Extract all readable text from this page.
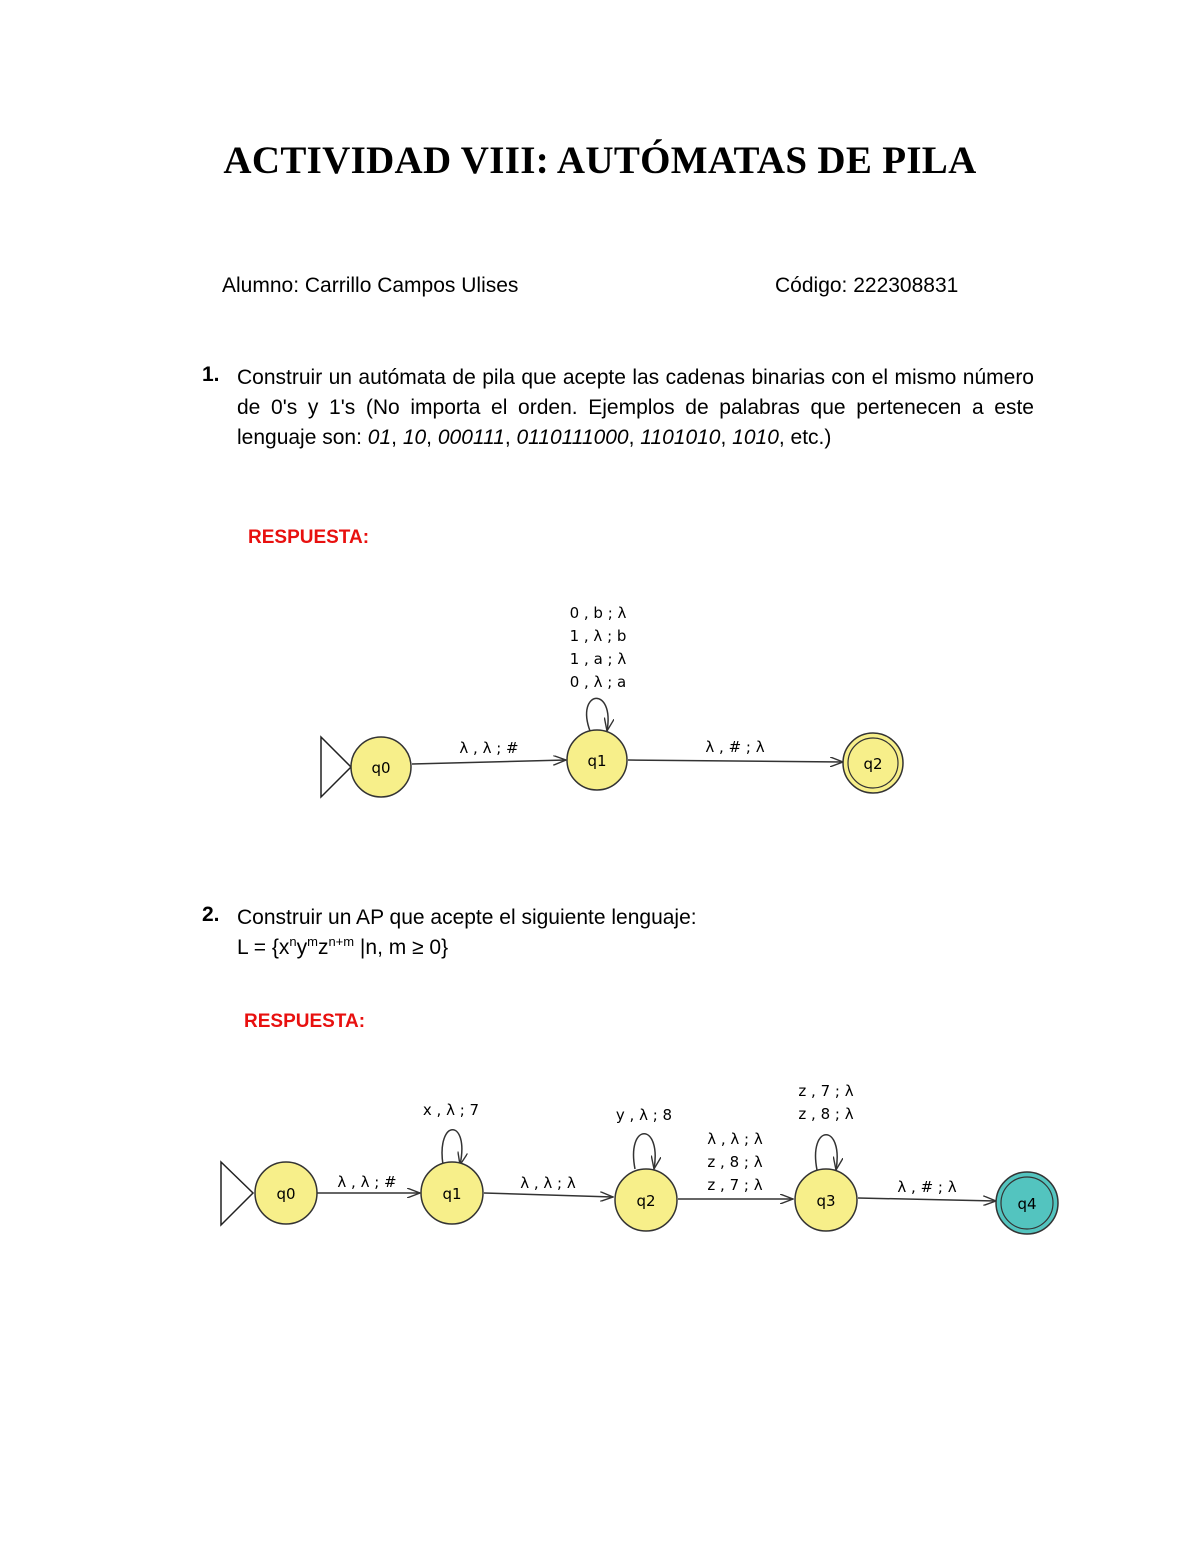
ACTIVIDAD VIII: AUTÓMATAS DE PILA
Alumno: Carrillo Campos Ulises	Código: 222308831
1. Construir un autómata de pila que acepte las cadenas binarias con el mismo número de 0's y 1's (No importa el orden. Ejemplos de palabras que pertenecen a este lenguaje son: 01, 10, 000111, 0110111000, 1101010, 1010, etc.)
RESPUESTA:
q0	q1	q2
λ , λ ; #	λ , # ; λ
0 , b ; λ
1 , λ ; b
1 , a ; λ
0 , λ ; a
2. Construir un AP que acepte el siguiente lenguaje:
$L = \{x^ny^mz^{n+m}$ |n, m ≥ 0}
RESPUESTA:
q0	q1	q2	q3	q4
λ , λ ; #	λ , λ ; λ
λ , λ ; λ
z , 8 ; λ
z , 7 ; λ	λ , # ; λ
x , λ ; 7	y , λ ; 8
z , 7 ; λ
z , 8 ; λ
